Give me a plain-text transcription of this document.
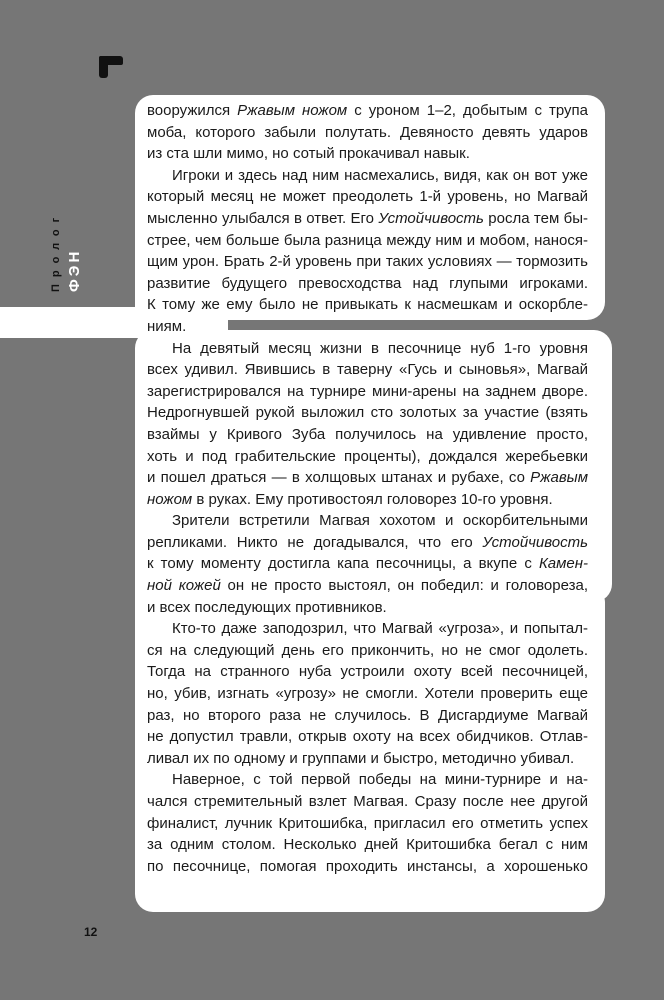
Пролог ФЭН
вооружился Ржавым ножом с уроном 1–2, добытым с трупа
моба, которого забыли полутать. Девяносто девять ударов
из ста шли мимо, но сотый прокачивал навык.
Игроки и здесь над ним насмехались, видя, как он вот уже
который месяц не может преодолеть 1-й уровень, но Магвай
мысленно улыбался в ответ. Его Устойчивость росла тем бы-
стрее, чем больше была разница между ним и мобом, нанося-
щим урон. Брать 2-й уровень при таких условиях — тормозить
развитие будущего превосходства над глупыми игроками.
К тому же ему было не привыкать к насмешкам и оскорбле-
ниям.
На девятый месяц жизни в песочнице нуб 1-го уровня
всех удивил. Явившись в таверну «Гусь и сыновья», Магвай
зарегистрировался на турнире мини-арены на заднем дворе.
Недрогнувшей рукой выложил сто золотых за участие (взять
взаймы у Кривого Зуба получилось на удивление просто,
хоть и под грабительские проценты), дождался жеребьевки
и пошел драться — в холщовых штанах и рубахе, со Ржавым
ножом в руках. Ему противостоял головорез 10-го уровня.
Зрители встретили Магвая хохотом и оскорбительными
репликами. Никто не догадывался, что его Устойчивость
к тому моменту достигла капа песочницы, а вкупе с Камен-
ной кожей он не просто выстоял, он победил: и головореза,
и всех последующих противников.
Кто-то даже заподозрил, что Магвай «угроза», и попытал-
ся на следующий день его прикончить, но не смог одолеть.
Тогда на странного нуба устроили охоту всей песочницей,
но, убив, изгнать «угрозу» не смогли. Хотели проверить еще
раз, но второго раза не случилось. В Дисгардиуме Магвай
не допустил травли, открыв охоту на всех обидчиков. Отлав-
ливал их по одному и группами и быстро, методично убивал.
Наверное, с той первой победы на мини-турнире и на-
чался стремительный взлет Магвая. Сразу после нее другой
финалист, лучник Критошибка, пригласил его отметить успех
за одним столом. Несколько дней Критошибка бегал с ним
по песочнице, помогая проходить инстансы, а хорошенько
12
